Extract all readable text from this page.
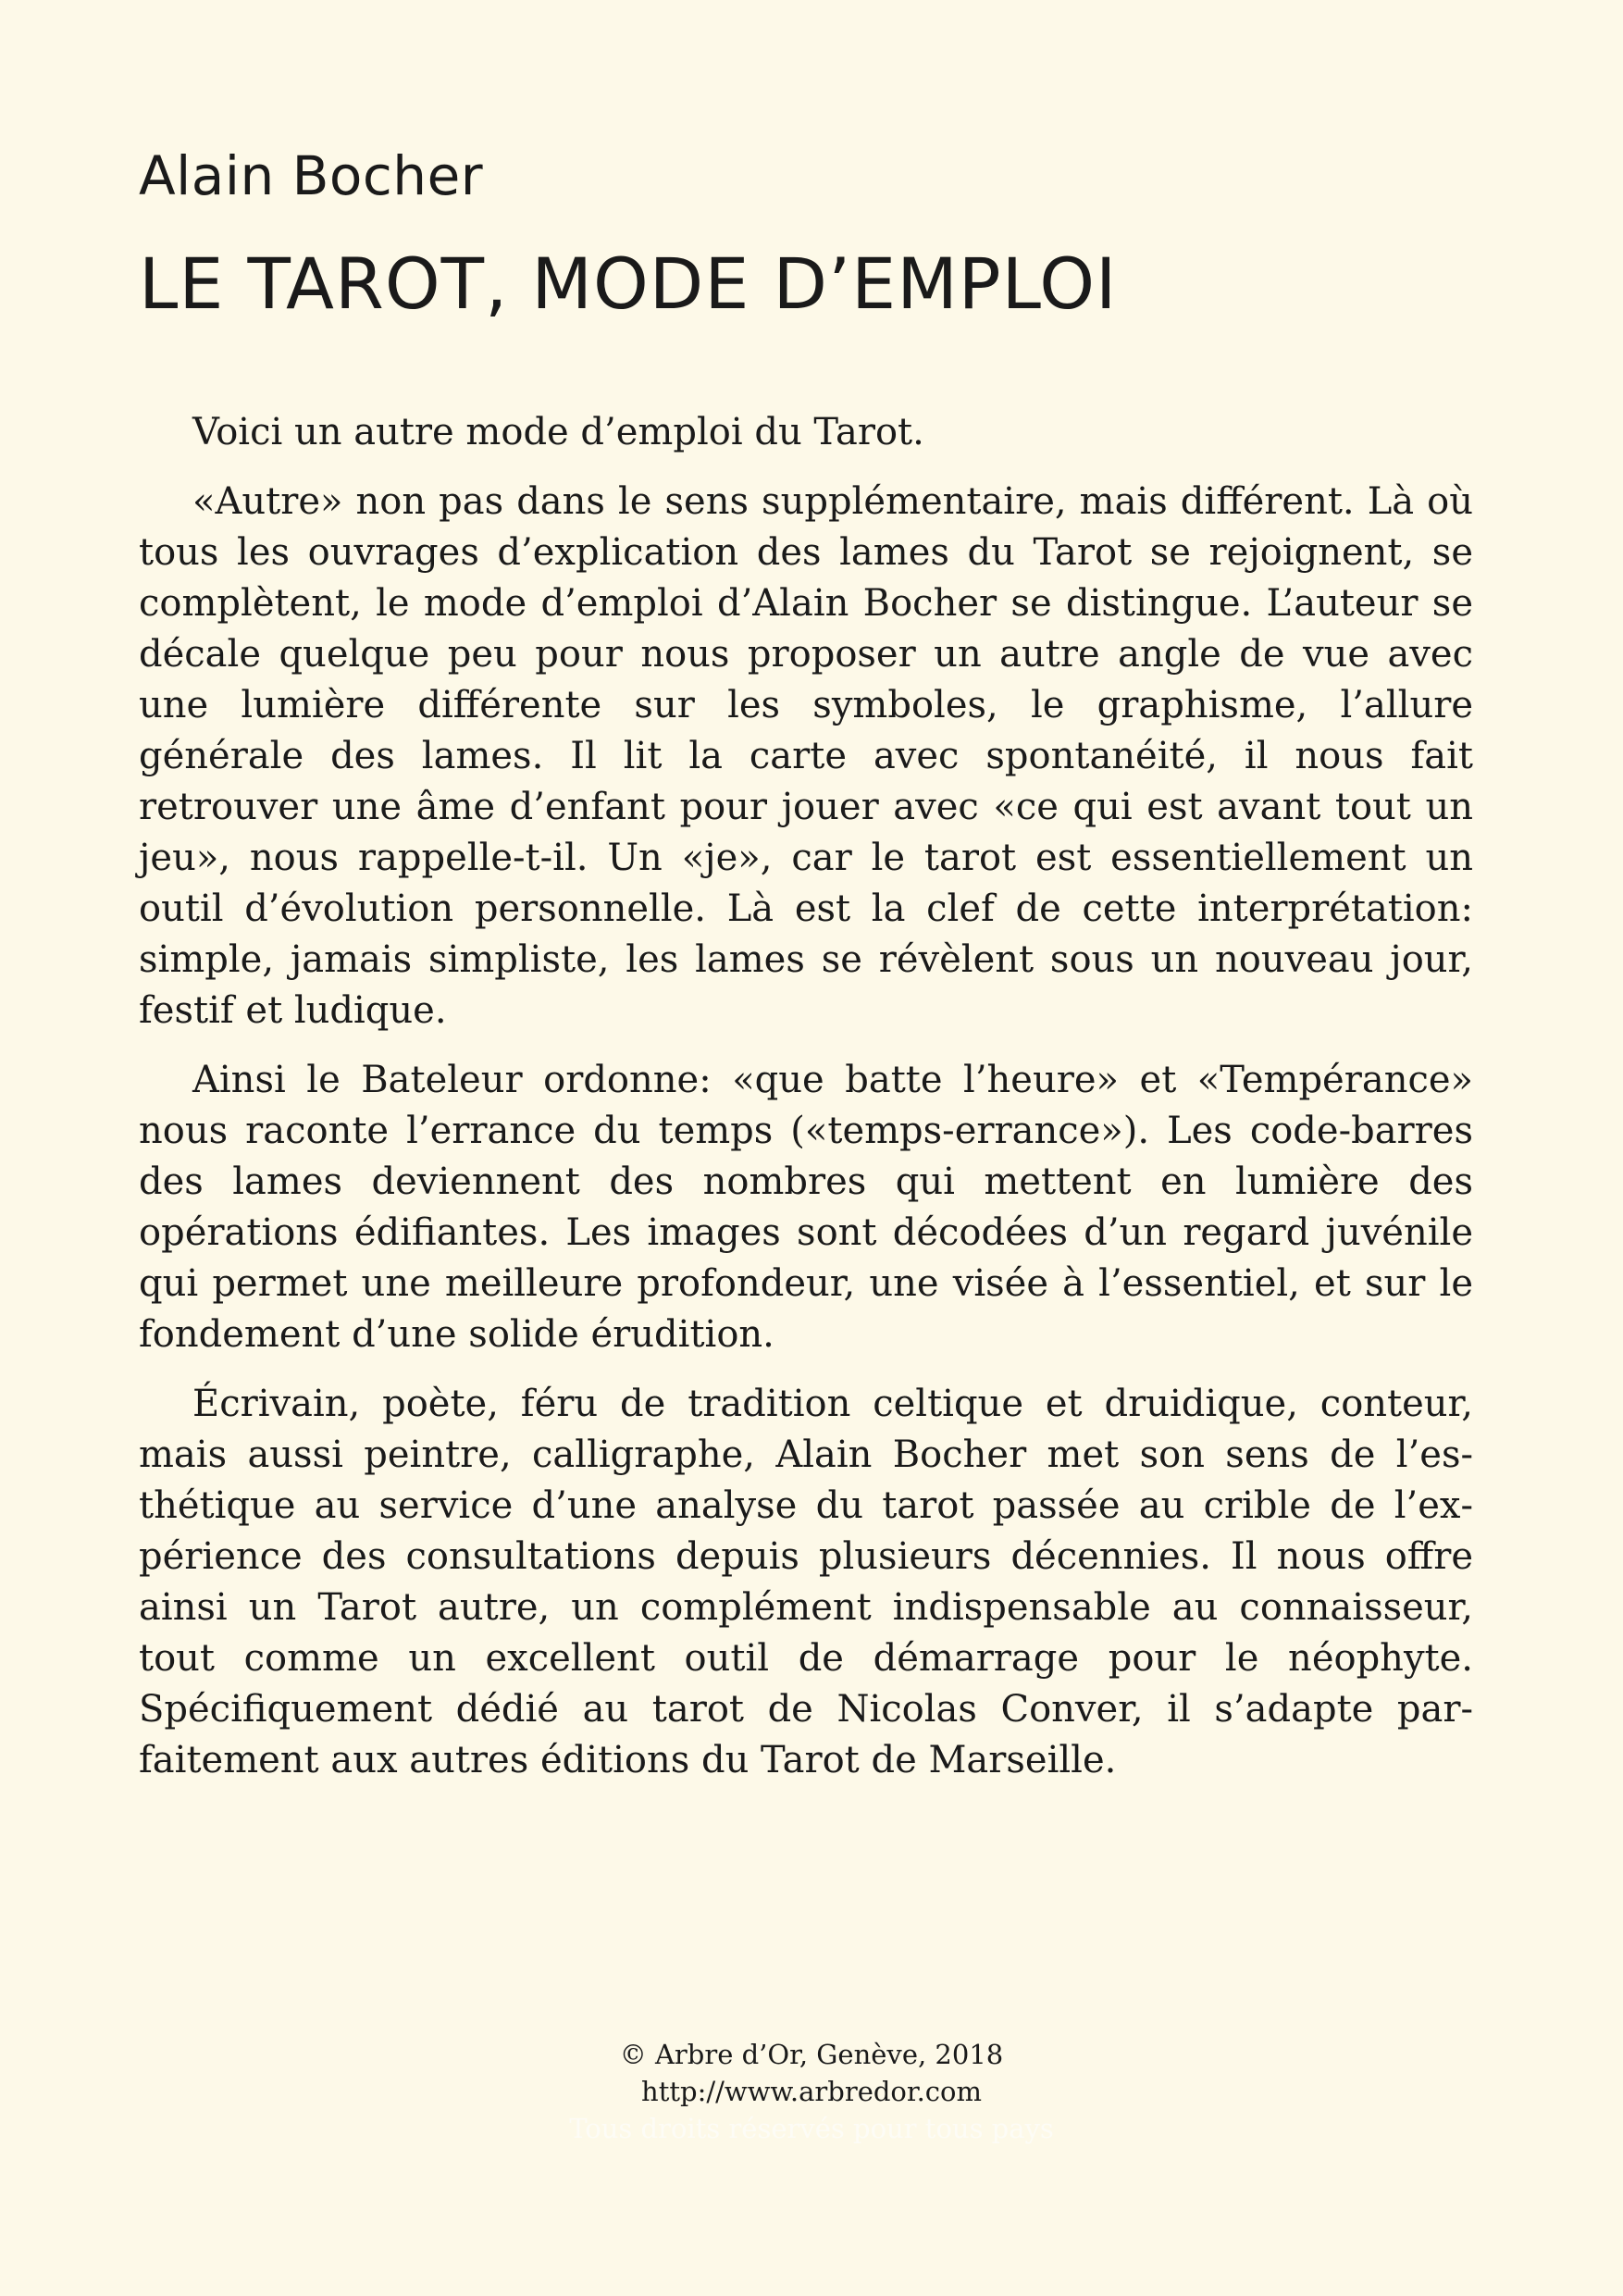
Alain Bocher
LE TAROT, MODE D’EMPLOI

Voici un autre mode d’emploi du Tarot.

«Autre» non pas dans le sens supplémentaire, mais différent. Là où tous les ouvrages d’explication des lames du Tarot se rejoignent, se complètent, le mode d’emploi d’Alain Bocher se distingue. L’auteur se décale quelque peu pour nous proposer un autre angle de vue avec une lumière différente sur les symboles, le graphisme, l’allure générale des lames. Il lit la carte avec spontanéité, il nous fait retrouver une âme d’enfant pour jouer avec «ce qui est avant tout un jeu», nous rappelle-t-il. Un «je», car le tarot est essentiellement un outil d’évolution personnelle. Là est la clef de cette interprétation: simple, jamais simpliste, les lames se révèlent sous un nouveau jour, festif et ludique.

Ainsi le Bateleur ordonne: «que batte l’heure» et «Tempérance» nous raconte l’errance du temps («temps-errance»). Les code-barres des lames deviennent des nombres qui mettent en lumière des opérations édifiantes. Les images sont décodées d’un regard juvénile qui permet une meilleure profondeur, une visée à l’essentiel, et sur le fondement d’une solide érudition.

Écrivain, poète, féru de tradition celtique et druidique, conteur, mais aussi peintre, calligraphe, Alain Bocher met son sens de l’esthétique au service d’une analyse du tarot passée au crible de l’expérience des consultations depuis plusieurs décennies. Il nous offre ainsi un Tarot autre, un complément indispensable au connaisseur, tout comme un excellent outil de démarrage pour le néophyte. Spécifiquement dédié au tarot de Nicolas Conver, il s’adapte parfaitement aux autres éditions du Tarot de Marseille.

© Arbre d’Or, Genève, 2018
http://www.arbredor.com
Tous droits réservés pour tous pays
